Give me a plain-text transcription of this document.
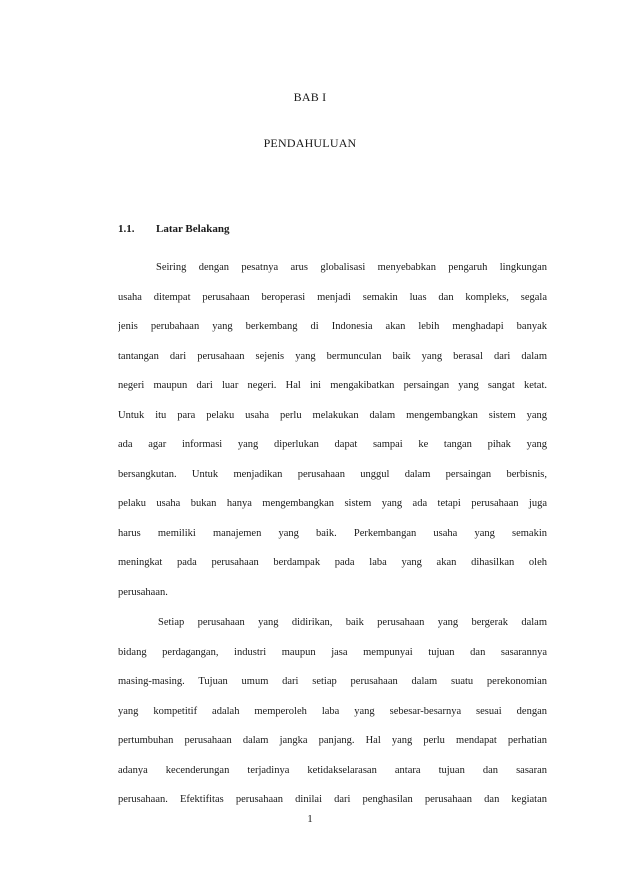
BAB I
PENDAHULUAN
1.1. Latar Belakang
Seiring dengan pesatnya arus globalisasi menyebabkan pengaruh lingkungan
usaha ditempat perusahaan beroperasi menjadi semakin luas dan kompleks, segala
jenis perubahaan yang berkembang di Indonesia akan lebih menghadapi banyak
tantangan dari perusahaan sejenis yang bermunculan baik yang berasal dari dalam
negeri maupun dari luar negeri. Hal ini mengakibatkan persaingan yang sangat ketat.
Untuk itu para pelaku usaha perlu melakukan dalam mengembangkan sistem yang
ada agar informasi yang diperlukan dapat sampai ke tangan pihak yang
bersangkutan. Untuk menjadikan perusahaan unggul dalam persaingan berbisnis,
pelaku usaha bukan hanya mengembangkan sistem yang ada tetapi perusahaan juga
harus memiliki manajemen yang baik. Perkembangan usaha yang semakin
meningkat pada perusahaan berdampak pada laba yang akan dihasilkan oleh
perusahaan.
Setiap perusahaan yang didirikan, baik perusahaan yang bergerak dalam
bidang perdagangan, industri maupun jasa mempunyai tujuan dan sasarannya
masing-masing. Tujuan umum dari setiap perusahaan dalam suatu perekonomian
yang kompetitif adalah memperoleh laba yang sebesar-besarnya sesuai dengan
pertumbuhan perusahaan dalam jangka panjang. Hal yang perlu mendapat perhatian
adanya kecenderungan terjadinya ketidakselarasan antara tujuan dan sasaran
perusahaan. Efektifitas perusahaan dinilai dari penghasilan perusahaan dan kegiatan
1
